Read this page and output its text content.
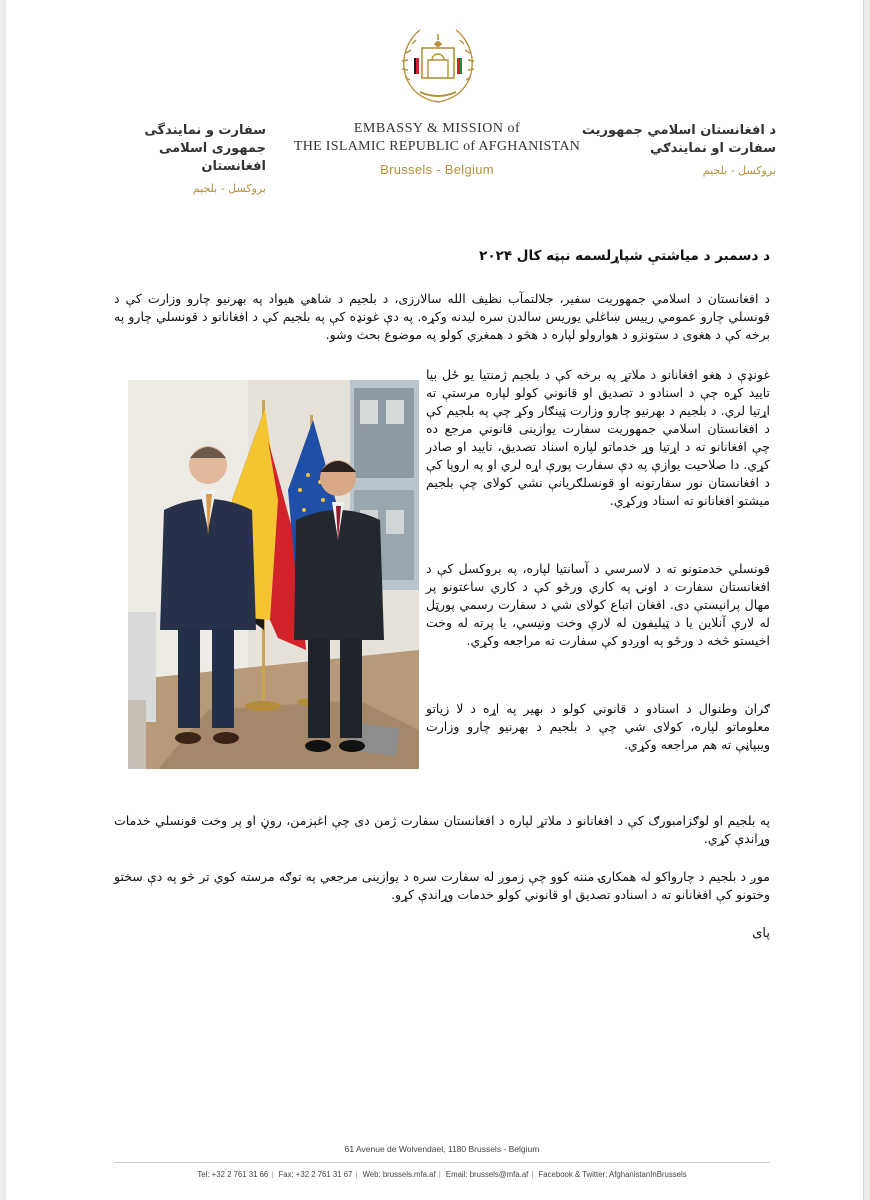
د افغانستان اسلامي جمهوریت
سفارت او نمایندګي
بروکسل - بلجیم
EMBASSY & MISSION of
THE ISLAMIC REPUBLIC of AFGHANISTAN
Brussels - Belgium
سفارت و نمایندگی
جمهوری اسلامی افغانستان
بروکسل - بلجیم
د دسمبر د میاشتې شپاړلسمه نېټه کال ۲۰۲۴
د افغانستان د اسلامي جمهوریت سفیر، جلالتمآب نظیف الله سالارزی، د بلجیم د شاهي هیواد په بهرنیو چارو وزارت کې د قونسلي چارو عمومي رییس ښاغلي یوریس سالدن سره لیدنه وکړه. په دې غونډه کې په بلجیم کې د افغانانو د قونسلي چارو په برخه کې د هغوی د ستونزو د هوارولو لپاره د هڅو د همغږي کولو په موضوع بحث وشو.
غونډې د هغو افغانانو د ملاتړ په برخه کې د بلجیم ژمنتیا یو ځل بیا تایید کړه چې د اسنادو د تصدیق او قانوني کولو لپاره مرستې ته اړتیا لري. د بلجیم د بهرنیو چارو وزارت ټینګار وکړ چې په بلجیم کې د افغانستان اسلامي جمهوریت سفارت یوازینی قانوني مرجع ده چې افغانانو ته د اړتیا وړ خدماتو لپاره اسناد تصدیق، تایید او صادر کړي. دا صلاحیت یوازې په دې سفارت پورې اړه لري او په اروپا کې د افغانستان نور سفارتونه او قونسلګریانې نشي کولای چې بلجیم میشتو افغانانو ته اسناد ورکړي.
قونسلي خدمتونو ته د لاسرسي د آسانتیا لپاره، په بروکسل کې د افغانستان سفارت د اونۍ په کاري ورځو کې د کاري ساعتونو پر مهال پرانیستې دی. افغان اتباع کولای شي د سفارت رسمي پورټل له لارې آنلاین یا د ټیلیفون له لارې وخت ونیسي، یا پرته له وخت اخیستو څخه د ورځو په اوږدو کې سفارت ته مراجعه وکړي.
ګران وطنوال د اسنادو د قانوني کولو د بهیر په اړه د لا زیاتو معلوماتو لپاره، کولای شي چې د بلجیم د بهرنیو چارو وزارت ویبپاڼې ته هم مراجعه وکړي.
په بلجیم او لوګزامبورګ کې د افغانانو د ملاتړ لپاره د افغانستان سفارت ژمن دی چې اغېزمن، روڼ او پر وخت قونسلي خدمات وړاندې کړي.
موږ د بلجیم د چارواکو له همکارۍ مننه کوو چې زموږ له سفارت سره د یوازینی مرجعي په توګه مرسته کوي تر څو په دې سختو وختونو کې افغانانو ته د اسنادو تصدیق او قانوني کولو خدمات وړاندې کړو.
پای
61 Avenue de Wolvendael, 1180 Brussels - Belgium
Tel: +32 2 761 31 66 | Fax: +32 2 761 31 67 | Web: brussels.mfa.af | Email: brussels@mfa.af | Facebook & Twitter: AfghanistanInBrussels
